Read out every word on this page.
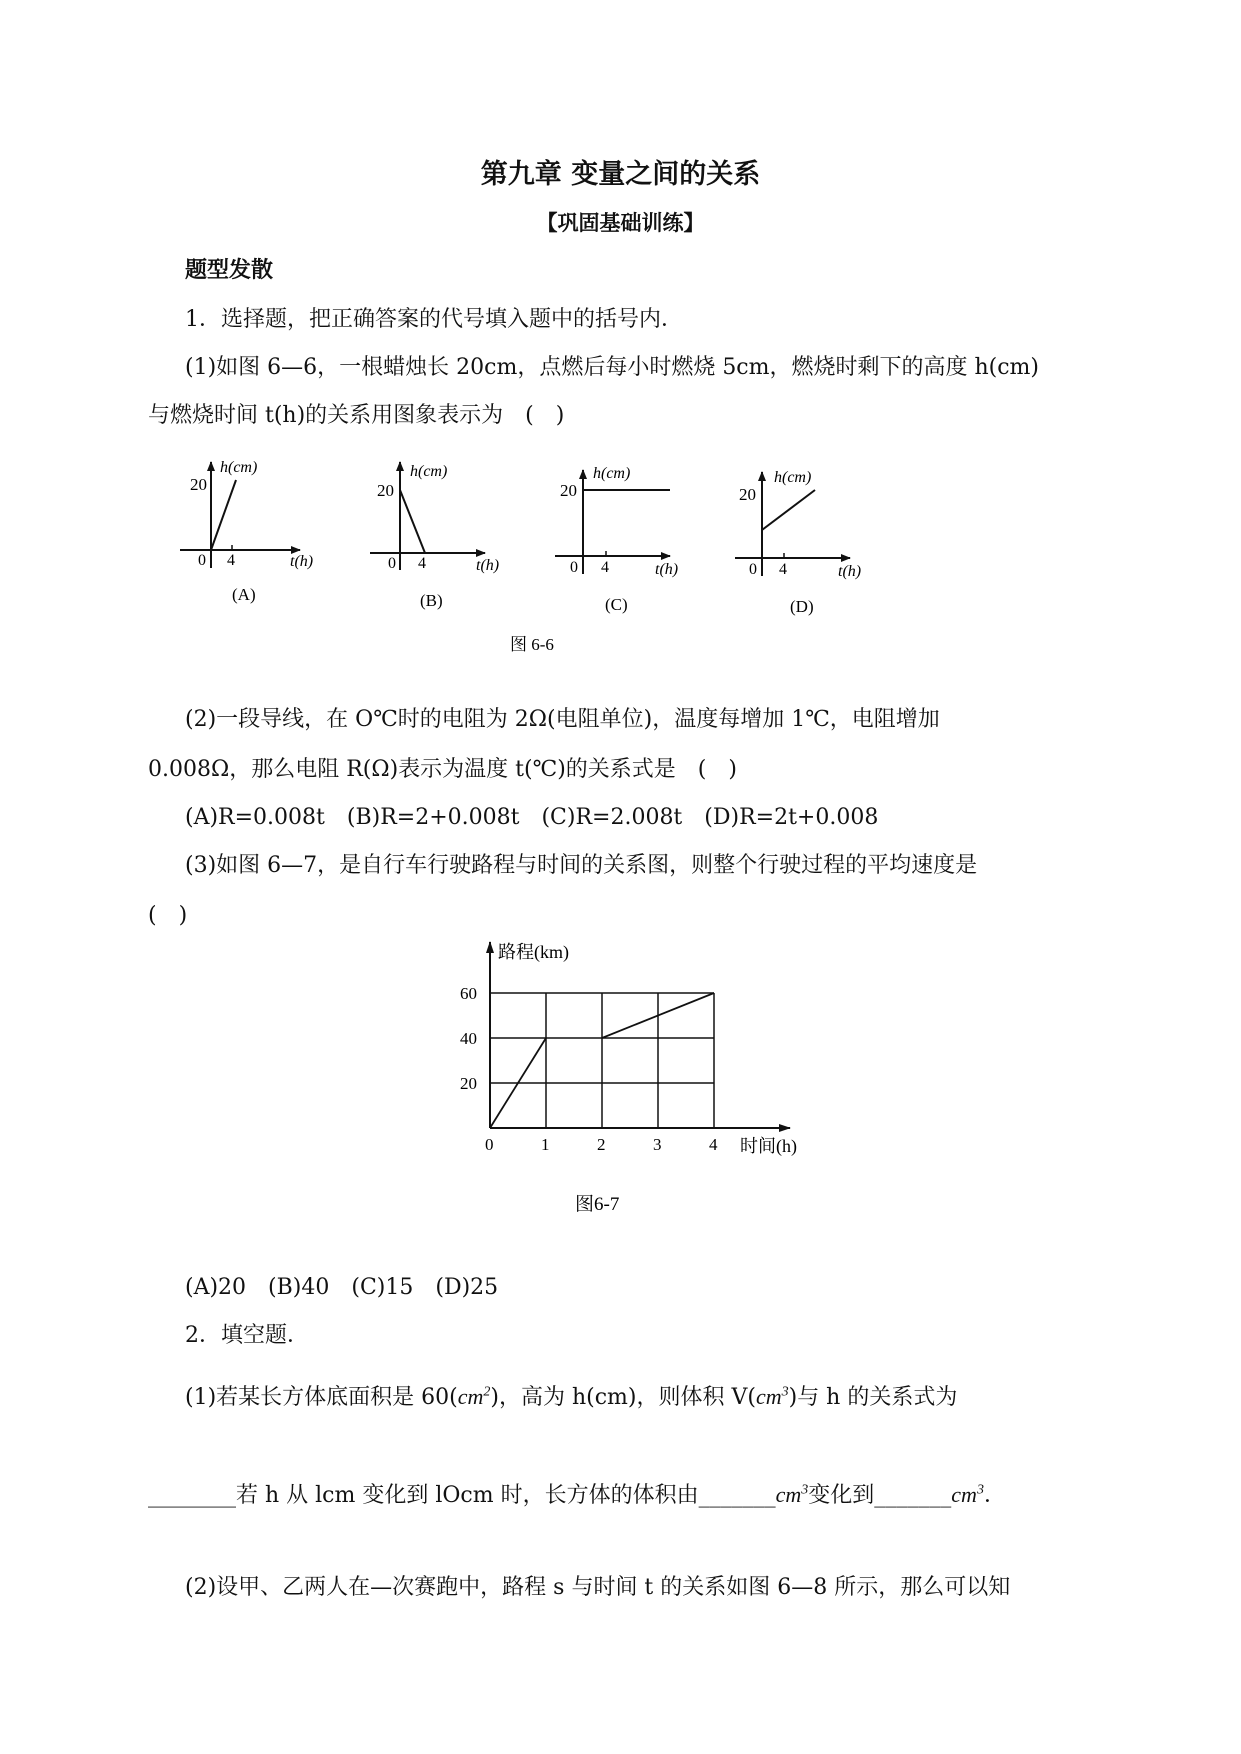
第九章 变量之间的关系
【巩固基础训练】
题型发散
1．选择题，把正确答案的代号填入题中的括号内．
(1)如图 6—6，一根蜡烛长 20cm，点燃后每小时燃烧 5cm，燃烧时剩下的高度 h(cm)
与燃烧时间 t(h)的关系用图象表示为　(　)
20
0 4
h(cm)
t(h)
(A)
20
0 4
h(cm)
t(h)
(B)
20
0 4
h(cm)
t(h)
(C)
20
0 4
h(cm)
t(h)
(D)
图 6-6
(2)一段导线，在 O℃时的电阻为 2Ω(电阻单位)，温度每增加 1℃，电阻增加
0.008Ω，那么电阻 R(Ω)表示为温度 t(℃)的关系式是　(　)
(A)R=0.008t　(B)R=2+0.008t　(C)R=2.008t　(D)R=2t+0.008
(3)如图 6—7，是自行车行驶路程与时间的关系图，则整个行驶过程的平均速度是
(　)
0	1	2	3	4
20
40
60
路程(km)
时间(h)
图6-7
(A)20　(B)40　(C)15　(D)25
2．填空题．
(1)若某长方体底面积是 $60(cm^2)$，高为 h(cm)，则体积 $V(cm^3)$与 h 的关系式为
________若 h 从 lcm 变化到 lOcm 时，长方体的体积由$\_\_\_\_\_\_\_cm^3$变化到$\_\_\_\_\_\_\_cm^3$．
(2)设甲、乙两人在—次赛跑中，路程 s 与时间 t 的关系如图 6—8 所示，那么可以知
